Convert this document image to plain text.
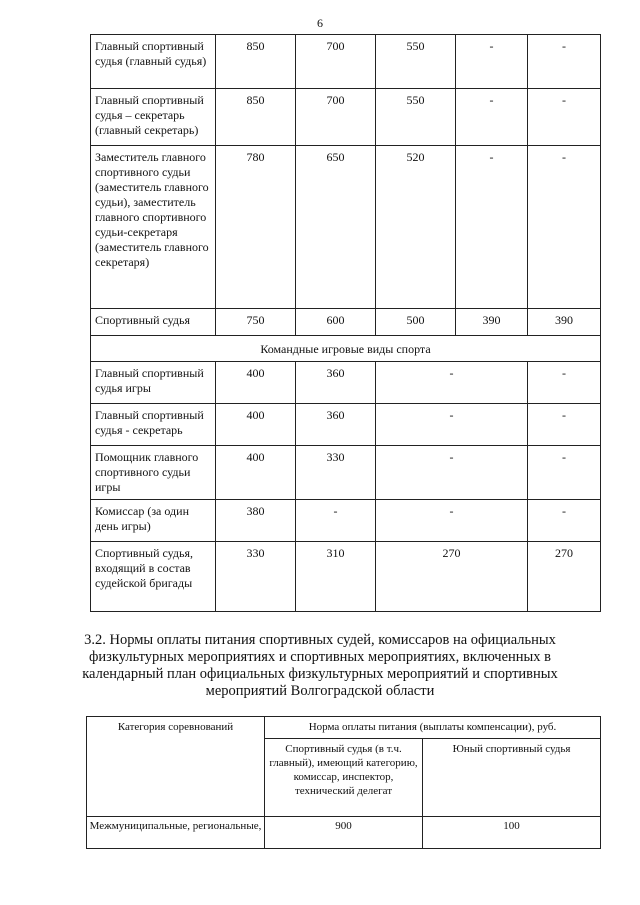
6
Главный спортивный судья (главный судья)	850	700	550	-	-
Главный спортивный судья – секретарь (главный секретарь)	850	700	550	-	-
Заместитель главного спортивного судьи (заместитель главного судьи), заместитель главного спортивного судьи-секретаря (заместитель главного секретаря)	780	650	520	-	-
Спортивный судья	750	600	500	390	390
Командные игровые виды спорта					
Главный спортивный судья игры	400	360	-		-
Главный спортивный судья - секретарь	400	360	-		-
Помощник главного спортивного судьи игры	400	330	-		-
Комиссар (за один день игры)	380	-	-		-
Спортивный судья, входящий в состав судейской бригады	330	310	270		270
3.2. Нормы оплаты питания спортивных судей, комиссаров на официальных физкультурных мероприятиях и спортивных мероприятиях, включенных в календарный план официальных физкультурных мероприятий и спортивных мероприятий Волгоградской области
Категория соревнований	Норма оплаты питания (выплаты компенсации), руб.	
	Спортивный судья (в т.ч. главный), имеющий категорию, комиссар, инспектор, технический делегат	Юный спортивный судья
Межмуниципальные, региональные,	900	100
